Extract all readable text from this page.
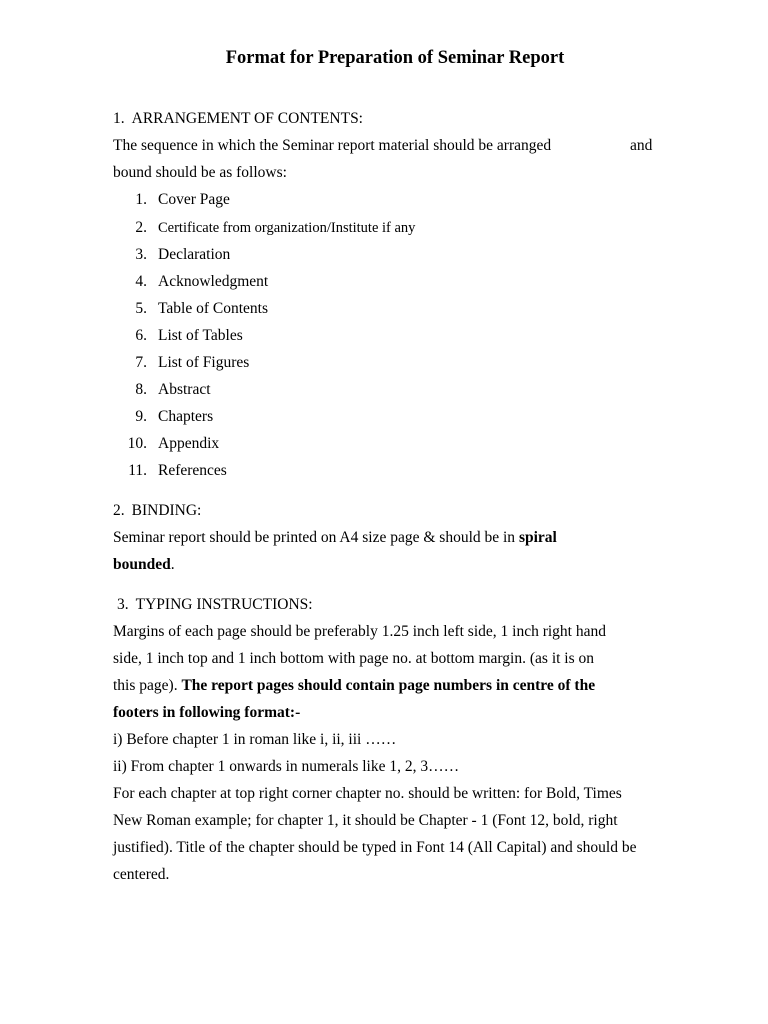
Format for Preparation of Seminar Report

1. ARRANGEMENT OF CONTENTS:

The sequence in which the Seminar report material should be arranged	and

bound should be as follows:

1. Cover Page
2. Certificate from organization/Institute if any
3. Declaration
4. Acknowledgment
5. Table of Contents
6. List of Tables
7. List of Figures
8. Abstract
9. Chapters
10. Appendix
11. References

2. BINDING:

Seminar report should be printed on A4 size page & should be in spiral

bounded.

3. TYPING INSTRUCTIONS:

Margins of each page should be preferably 1.25 inch left side, 1 inch right hand

side, 1 inch top and 1 inch bottom with page no. at bottom margin. (as it is on

this page). The report pages should contain page numbers in centre of the

footers in following format:-

i) Before chapter 1 in roman like i, ii, iii ……

ii) From chapter 1 onwards in numerals like 1, 2, 3……

For each chapter at top right corner chapter no. should be written: for Bold, Times

New Roman example; for chapter 1, it should be Chapter - 1 (Font 12, bold, right

justified). Title of the chapter should be typed in Font 14 (All Capital) and should be

centered.
